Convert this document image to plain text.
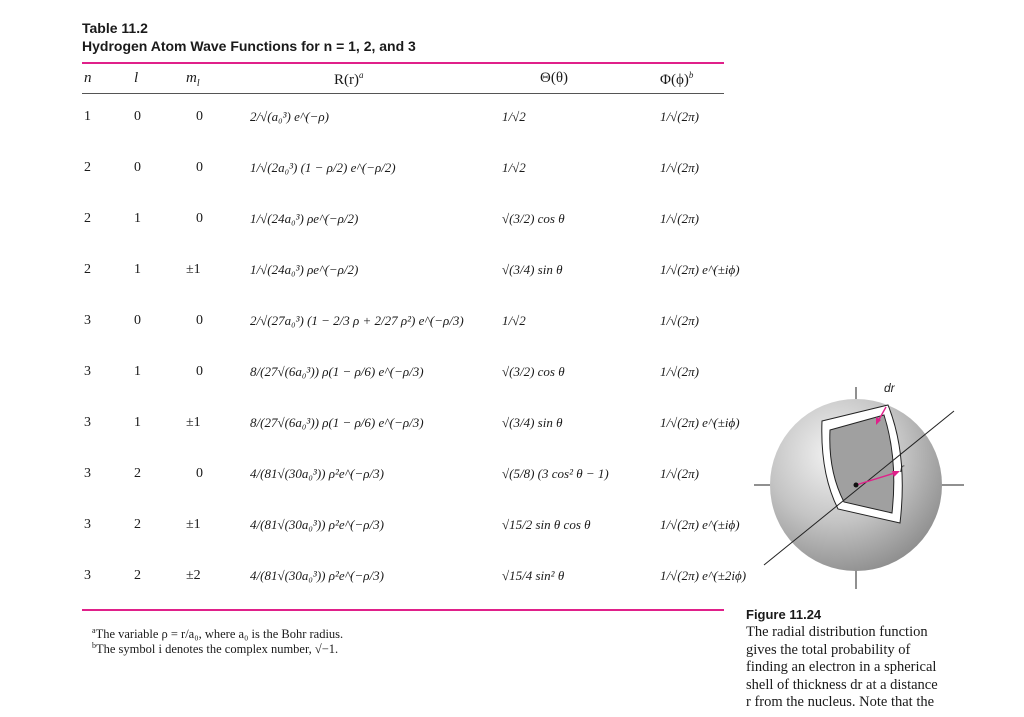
Table 11.2
Hydrogen Atom Wave Functions for n = 1, 2, and 3
n	l	$m_l$	$R(r)^a$	Θ(θ)	$\Phi(\phi)^b$
1	0	0	2/√(a₀³) e^(−ρ)	1/√2	1/√(2π)
2	0	0	1/√(2a₀³) (1 − ρ/2) e^(−ρ/2)	1/√2	1/√(2π)
2	1	0	1/√(24a₀³) ρe^(−ρ/2)	√(3/2) cos θ	1/√(2π)
2	1	±1	1/√(24a₀³) ρe^(−ρ/2)	√(3/4) sin θ	1/√(2π) e^(±iϕ)
3	0	0	2/√(27a₀³) (1 − 2/3 ρ + 2/27 ρ²) e^(−ρ/3)	1/√2	1/√(2π)
3	1	0	8/(27√(6a₀³)) ρ(1 − ρ/6) e^(−ρ/3)	√(3/2) cos θ	1/√(2π)
3	1	±1	8/(27√(6a₀³)) ρ(1 − ρ/6) e^(−ρ/3)	√(3/4) sin θ	1/√(2π) e^(±iϕ)
3	2	0	4/(81√(30a₀³)) ρ²e^(−ρ/3)	√(5/8) (3 cos² θ − 1)	1/√(2π)
3	2	±1	4/(81√(30a₀³)) ρ²e^(−ρ/3)	√15/2 sin θ cos θ	1/√(2π) e^(±iϕ)
3	2	±2	4/(81√(30a₀³)) ρ²e^(−ρ/3)	√15/4 sin² θ	1/√(2π) e^(±2iϕ)
$^a$The variable ρ = r/a₀, where a₀ is the Bohr radius.
$^b$The symbol i denotes the complex number, √−1.
dr
r
Figure 11.24
The radial distribution function
gives the total probability of
finding an electron in a spherical
shell of thickness dr at a distance
r from the nucleus. Note that the
